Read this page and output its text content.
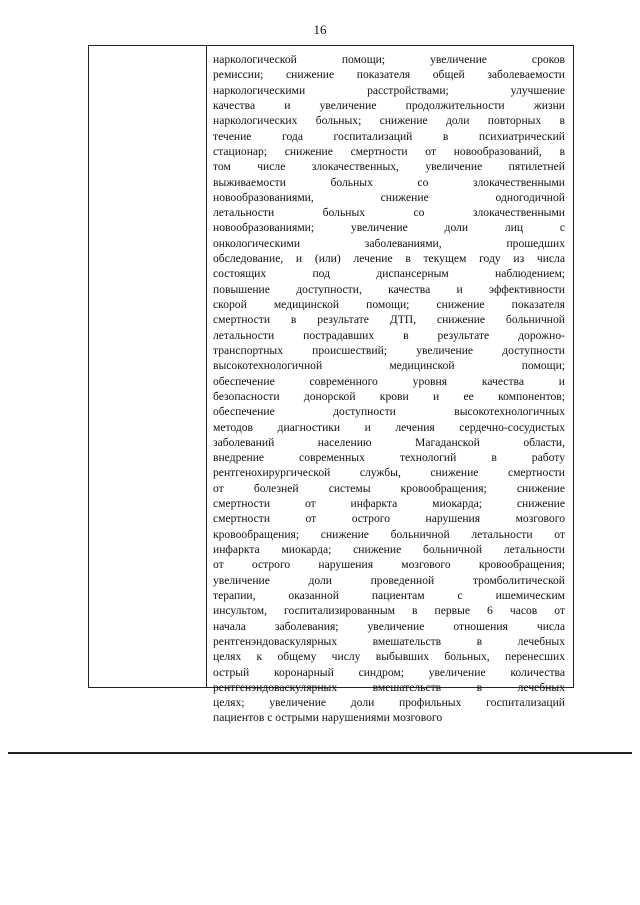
16
наркологической помощи; увеличение сроков
ремиссии; снижение показателя общей заболеваемости
наркологическими расстройствами; улучшение
качества и увеличение продолжительности жизни
наркологических больных; снижение доли повторных в
течение года госпитализаций в психиатрический
стационар; снижение смертности от новообразований, в
том числе злокачественных, увеличение пятилетней
выживаемости больных со злокачественными
новообразованиями, снижение одногодичной
летальности больных со злокачественными
новообразованиями; увеличение доли лиц с
онкологическими заболеваниями, прошедших
обследование, и (или) лечение в текущем году из числа
состоящих под диспансерным наблюдением;
повышение доступности, качества и эффективности
скорой медицинской помощи; снижение показателя
смертности в результате ДТП, снижение больничной
летальности пострадавших в результате дорожно-
транспортных происшествий; увеличение доступности
высокотехнологичной медицинской помощи;
обеспечение современного уровня качества и
безопасности донорской крови и ее компонентов;
обеспечение доступности высокотехнологичных
методов диагностики и лечения сердечно-сосудистых
заболеваний населению Магаданской области,
внедрение современных технологий в работу
рентгенохирургической службы, снижение смертности
от болезней системы кровообращения; снижение
смертности от инфаркта миокарда; снижение
смертности от острого нарушения мозгового
кровообращения; снижение больничной летальности от
инфаркта миокарда; снижение больничной летальности
от острого нарушения мозгового кровообращения;
увеличение доли проведенной тромболитической
терапии, оказанной пациентам с ишемическим
инсультом, госпитализированным в первые 6 часов от
начала заболевания; увеличение отношения числа
рентгенэндоваскулярных вмешательств в лечебных
целях к общему числу выбывших больных, перенесших
острый коронарный синдром; увеличение количества
рентгенэндоваскулярных вмешательств в лечебных
целях; увеличение доли профильных госпитализаций
пациентов с острыми нарушениями мозгового
